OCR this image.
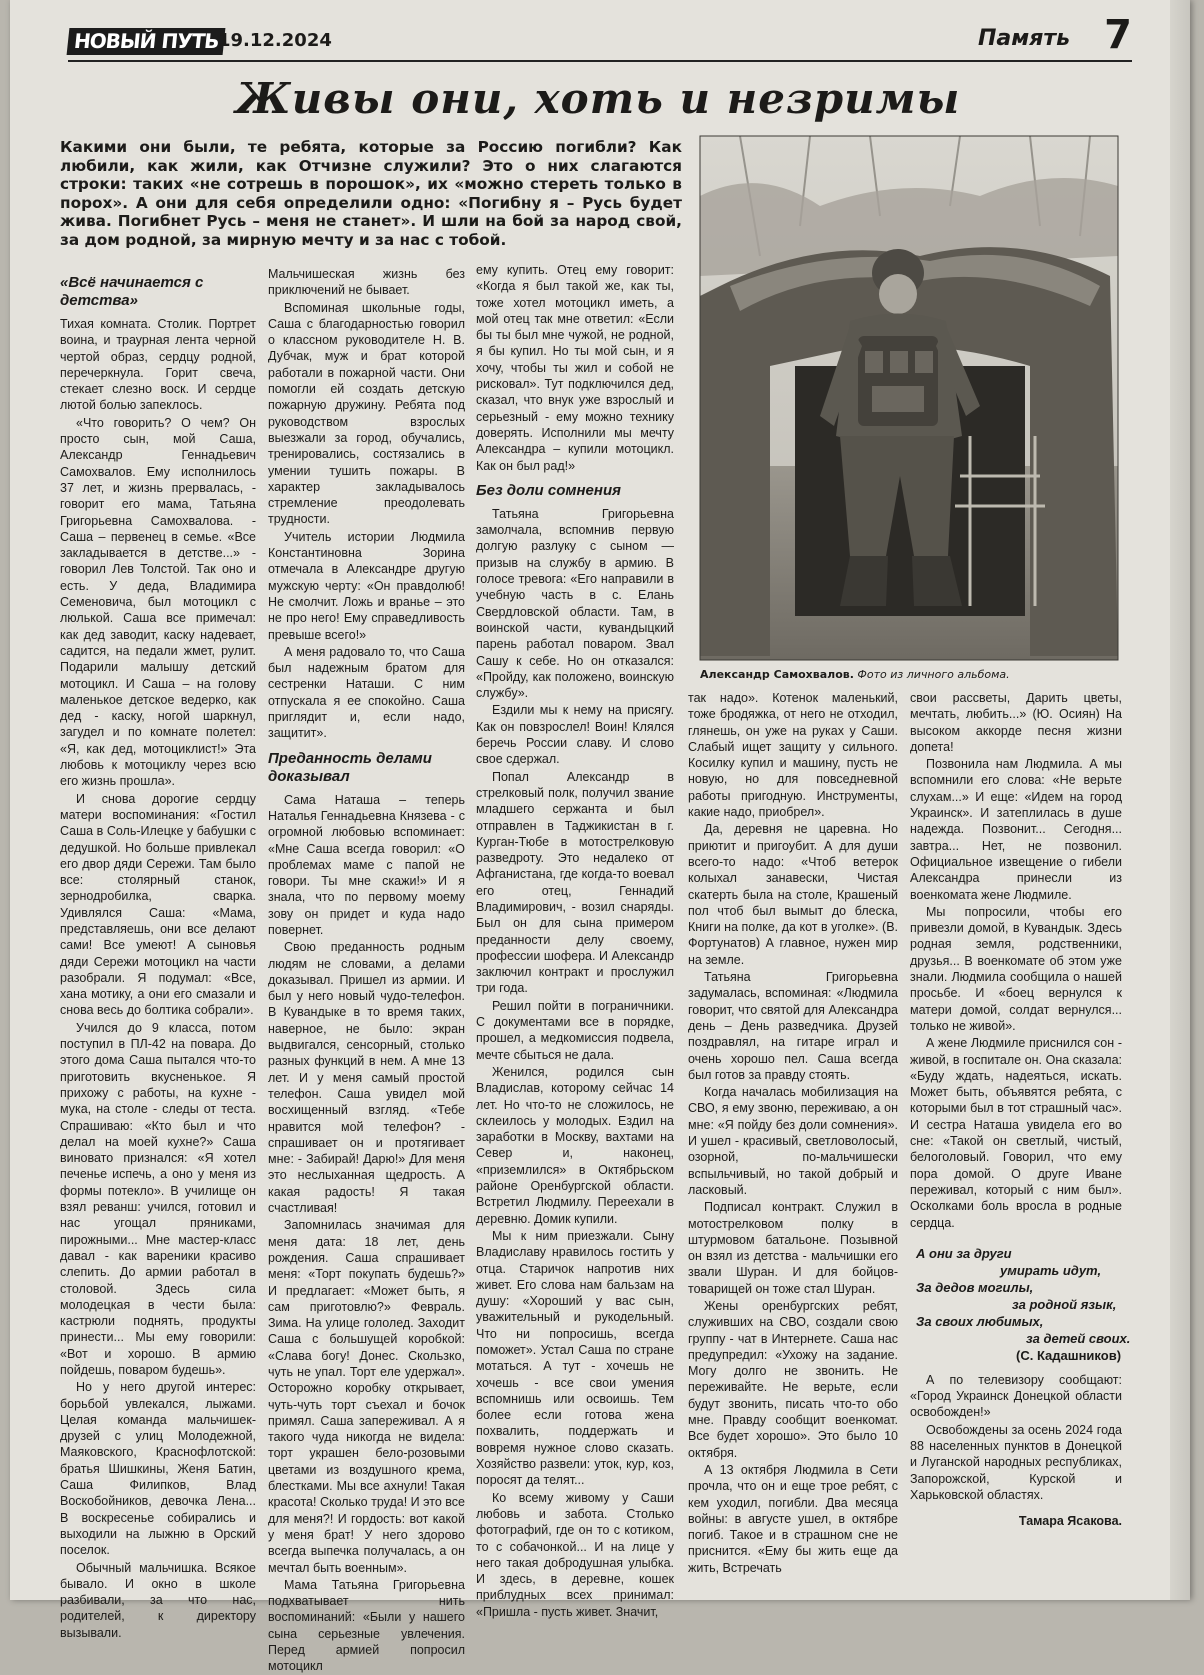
НОВЫЙ ПУТЬ
19.12.2024	Память 7
Живы они, хоть и незримы
Какими они были, те ребята, которые за Россию погибли? Как любили, как жили, как Отчизне служили? Это о них слагаются строки: таких «не сотрешь в порошок», их «можно стереть только в порох». А они для себя определили одно: «Погибну я – Русь будет жива. Погибнет Русь – меня не станет». И шли на бой за народ свой, за дом родной, за мирную мечту и за нас с тобой.
Александр Самохвалов. Фото из личного альбома.
«Всё начинается с детства»

Тихая комната. Столик. Портрет воина, и траурная лента черной чертой образ, сердцу родной, перечеркнула. Горит свеча, стекает слезно воск. И сердце лютой болью запеклось.

«Что говорить? О чем? Он просто сын, мой Саша, Александр Геннадьевич Самохвалов. Ему исполнилось 37 лет, и жизнь прервалась, - говорит его мама, Татьяна Григорьевна Самохвалова. - Саша – первенец в семье. «Все закладывается в детстве...» - говорил Лев Толстой. Так оно и есть. У деда, Владимира Семеновича, был мотоцикл с люлькой. Саша все примечал: как дед заводит, каску надевает, садится, на педали жмет, рулит. Подарили малышу детский мотоцикл. И Саша – на голову маленькое детское ведерко, как дед - каску, ногой шаркнул, загудел и по комнате полетел: «Я, как дед, мотоциклист!» Эта любовь к мотоциклу через всю его жизнь прошла».

И снова дорогие сердцу матери воспоминания: «Гостил Саша в Соль-Илецке у бабушки с дедушкой. Но больше привлекал его двор дяди Сережи. Там было все: столярный станок, зернодробилка, сварка. Удивлялся Саша: «Мама, представляешь, они все делают сами! Все умеют! А сыновья дяди Сережи мотоцикл на части разобрали. Я подумал: «Все, хана мотику, а они его смазали и снова весь до болтика собрали».

Учился до 9 класса, потом поступил в ПЛ-42 на повара. До этого дома Саша пытался что-то приготовить вкусненькое. Я прихожу с работы, на кухне - мука, на столе - следы от теста. Спрашиваю: «Кто был и что делал на моей кухне?» Саша виновато признался: «Я хотел печенье испечь, а оно у меня из формы потекло». В училище он взял реванш: учился, готовил и нас угощал пряниками, пирожными... Мне мастер-класс давал - как вареники красиво слепить. До армии работал в столовой. Здесь сила молодецкая в чести была: кастрюли поднять, продукты принести... Мы ему говорили: «Вот и хорошо. В армию пойдешь, поваром будешь».

Но у него другой интерес: борьбой увлекался, лыжами. Целая команда мальчишек-друзей с улиц Молодежной, Маяковского, Краснофлотской: братья Шишкины, Женя Батин, Саша Филипков, Влад Воскобойников, девочка Лена... В воскресенье собирались и выходили на лыжню в Орский поселок.

Обычный мальчишка. Всякое бывало. И окно в школе разбивали, за что нас, родителей, к директору вызывали.

Мальчишеская жизнь без приключений не бывает.

Вспоминая школьные годы, Саша с благодарностью говорил о классном руководителе Н. В. Дубчак, муж и брат которой работали в пожарной части. Они помогли ей создать детскую пожарную дружину. Ребята под руководством взрослых выезжали за город, обучались, тренировались, состязались в умении тушить пожары. В характер закладывалось стремление преодолевать трудности.

Учитель истории Людмила Константиновна Зорина отмечала в Александре другую мужскую черту: «Он правдолюб! Не смолчит. Ложь и вранье – это не про него! Ему справедливость превыше всего!»

А меня радовало то, что Саша был надежным братом для сестренки Наташи. С ним отпускала я ее спокойно. Саша приглядит и, если надо, защитит».

Преданность делами доказывал

Сама Наташа – теперь Наталья Геннадьевна Князева - с огромной любовью вспоминает: «Мне Саша всегда говорил: «О проблемах маме с папой не говори. Ты мне скажи!» И я знала, что по первому моему зову он придет и куда надо повернет.

Свою преданность родным людям не словами, а делами доказывал. Пришел из армии. И был у него новый чудо-телефон. В Кувандыке в то время таких, наверное, не было: экран выдвигался, сенсорный, столько разных функций в нем. А мне 13 лет. И у меня самый простой телефон. Саша увидел мой восхищенный взгляд. «Тебе нравится мой телефон? - спрашивает он и протягивает мне: - Забирай! Дарю!» Для меня это неслыханная щедрость. А какая радость! Я такая счастливая!

Запомнилась значимая для меня дата: 18 лет, день рождения. Саша спрашивает меня: «Торт покупать будешь?» И предлагает: «Может быть, я сам приготовлю?» Февраль. Зима. На улице гололед. Заходит Саша с большущей коробкой: «Слава богу! Донес. Скользко, чуть не упал. Торт еле удержал». Осторожно коробку открывает, чуть-чуть торт съехал и бочок примял. Саша запереживал. А я такого чуда никогда не видела: торт украшен бело-розовыми цветами из воздушного крема, блестками. Мы все ахнули! Такая красота! Сколько труда! И это все для меня?! И гордость: вот какой у меня брат! У него здорово всегда выпечка получалась, а он мечтал быть военным».

Мама Татьяна Григорьевна подхватывает нить воспоминаний: «Были у нашего сына серьезные увлечения. Перед армией попросил мотоцикл

ему купить. Отец ему говорит: «Когда я был такой же, как ты, тоже хотел мотоцикл иметь, а мой отец так мне ответил: «Если бы ты был мне чужой, не родной, я бы купил. Но ты мой сын, и я хочу, чтобы ты жил и собой не рисковал». Тут подключился дед, сказал, что внук уже взрослый и серьезный - ему можно технику доверять. Исполнили мы мечту Александра – купили мотоцикл. Как он был рад!»

Без доли сомнения

Татьяна Григорьевна замолчала, вспомнив первую долгую разлуку с сыном — призыв на службу в армию. В голосе тревога: «Его направили в учебную часть в с. Елань Свердловской области. Там, в воинской части, кувандыцкий парень работал поваром. Звал Сашу к себе. Но он отказался: «Пройду, как положено, воинскую службу».

Ездили мы к нему на присягу. Как он повзрослел! Воин! Клялся беречь России славу. И слово свое сдержал.

Попал Александр в стрелковый полк, получил звание младшего сержанта и был отправлен в Таджикистан в г. Курган-Тюбе в мотострелковую разведроту. Это недалеко от Афганистана, где когда-то воевал его отец, Геннадий Владимирович, - возил снаряды. Был он для сына примером преданности делу своему, профессии шофера. И Александр заключил контракт и прослужил три года.

Решил пойти в пограничники. С документами все в порядке, прошел, а медкомиссия подвела, мечте сбыться не дала.

Женился, родился сын Владислав, которому сейчас 14 лет. Но что-то не сложилось, не склеилось у молодых. Ездил на заработки в Москву, вахтами на Север и, наконец, «приземлился» в Октябрьском районе Оренбургской области. Встретил Людмилу. Переехали в деревню. Домик купили.

Мы к ним приезжали. Сыну Владиславу нравилось гостить у отца. Старичок напротив них живет. Его слова нам бальзам на душу: «Хороший у вас сын, уважительный и рукодельный. Что ни попросишь, всегда поможет». Устал Саша по стране мотаться. А тут - хочешь не хочешь - все свои умения вспомнишь или освоишь. Тем более если готова жена похвалить, поддержать и вовремя нужное слово сказать. Хозяйство развели: уток, кур, коз, поросят да телят...

Ко всему живому у Саши любовь и забота. Столько фотографий, где он то с котиком, то с собачонкой... И на лице у него такая добродушная улыбка. И здесь, в деревне, кошек приблудных всех принимал: «Пришла - пусть живет. Значит,

так надо». Котенок маленький, тоже бродяжка, от него не отходил, глянешь, он уже на руках у Саши. Слабый ищет защиту у сильного. Косилку купил и машину, пусть не новую, но для повседневной работы пригодную. Инструменты, какие надо, приобрел».

Да, деревня не царевна. Но приютит и пригоубит. А для души всего-то надо: «Чтоб ветерок колыхал занавески, Чистая скатерть была на столе, Крашеный пол чтоб был вымыт до блеска, Книги на полке, да кот в уголке». (В. Фортунатов) А главное, нужен мир на земле.

Татьяна Григорьевна задумалась, вспоминая: «Людмила говорит, что святой для Александра день – День разведчика. Друзей поздравлял, на гитаре играл и очень хорошо пел. Саша всегда был готов за правду стоять.

Когда началась мобилизация на СВО, я ему звоню, переживаю, а он мне: «Я пойду без доли сомнения». И ушел - красивый, светловолосый, озорной, по-мальчишески вспыльчивый, но такой добрый и ласковый.

Подписал контракт. Служил в мотострелковом полку в штурмовом батальоне. Позывной он взял из детства - мальчишки его звали Шуран. И для бойцов-товарищей он тоже стал Шуран.

Жены оренбургских ребят, служивших на СВО, создали свою группу - чат в Интернете. Саша нас предупредил: «Ухожу на задание. Могу долго не звонить. Не переживайте. Не верьте, если будут звонить, писать что-то обо мне. Правду сообщит военкомат. Все будет хорошо». Это было 10 октября.

А 13 октября Людмила в Сети прочла, что он и еще трое ребят, с кем уходил, погибли. Два месяца войны: в августе ушел, в октябре погиб. Такое и в страшном сне не приснится. «Ему бы жить еще да жить, Встречать

свои рассветы, Дарить цветы, мечтать, любить...» (Ю. Осиян) На высоком аккорде песня жизни допета!

Позвонила нам Людмила. А мы вспомнили его слова: «Не верьте слухам...» И еще: «Идем на город Украинск». И затеплилась в душе надежда. Позвонит... Сегодня... завтра... Нет, не позвонил. Официальное извещение о гибели Александра принесли из военкомата жене Людмиле.

Мы попросили, чтобы его привезли домой, в Кувандык. Здесь родная земля, родственники, друзья... В военкомате об этом уже знали. Людмила сообщила о нашей просьбе. И «боец вернулся к матери домой, солдат вернулся... только не живой».

А жене Людмиле приснился сон - живой, в госпитале он. Она сказала: «Буду ждать, надеяться, искать. Может быть, объявятся ребята, с которыми был в тот страшный час». И сестра Наташа увидела его во сне: «Такой он светлый, чистый, белоголовый. Говорил, что ему пора домой. О друге Иване переживал, который с ним был». Осколками боль вросла в родные сердца.

А они за други
умирать идут,
За дедов могилы,
за родной язык,
За своих любимых,
за детей своих.
(С. Кадашников)

А по телевизору сообщают: «Город Украинск Донецкой области освобожден!»

Освобождены за осень 2024 года 88 населенных пунктов в Донецкой и Луганской народных республиках, Запорожской, Курской и Харьковской областях.

Тамара Ясакова.
